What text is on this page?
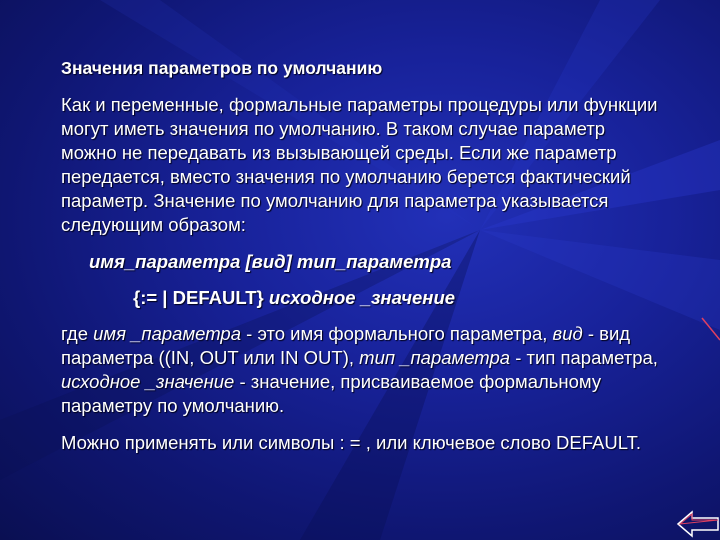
Значения параметров по умолчанию

Как и переменные, формальные параметры процедуры или функции могут иметь значения по умолчанию. В таком случае параметр можно не передавать из вызывающей среды. Если же параметр передается, вместо значения по умолчанию берется фактический параметр. Значение по умолчанию для параметра указывается следующим образом:

имя_параметра [вид] тип_параметра

{:= | DEFAULT} исходное _значение

где имя _параметра - это имя формального параметра, вид - вид параметра ((IN, OUT или IN OUT), тип _параметра - тип параметра, исходное _значение - значение, присваиваемое формальному параметру по умолчанию.

Можно применять или символы : = , или ключевое слово DEFAULT.
